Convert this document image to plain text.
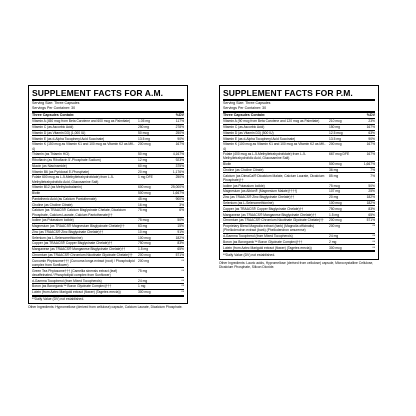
SUPPLEMENT FACTS FOR A.M.
Serving Size: Three Capsules
Servings Per Container: 30
Three Capsules Contain:	%DV
Vitamin A (450 mcg from Beta Carotene and 600 mcg as Palmitate)	1.05 mg	117%
Vitamin C (as Ascorbic Acid)	250 mg	278%
Vitamin D (as Vitamin D3) (1,000 IU)	50 mcg	250%
Vitamin E (as d-Alpha Tocopheryl Acid Succinate)	13.5 mg	90%
Vitamin K (150 mcg as Vitamin K1 and 100 mcg as Vitamin K2 as MK-4)
200 mcg	167%
Thiamin (as Thiamin HCl)	50 mg	4,167%
Riboflavin (as Riboflavin 5'-Phosphate Sodium)	12 mg	923%
Niacin (as Niacinamide)	60 mg	375%
Vitamin B6 (as Pyridoxal 5'-Phosphate)	20 mg	1,176%
Folate 600 mcg as L-5-Methyltetrahydrofolate) from L-5-Methyltetrahydrofolic Acid, Glucosamine Salt)
1 mg DFE	250%
Vitamin B12 (as Methylcobalamin)	600 mcg	25,000%
Biotin	500 mcg	1,667%
Pantothenic Acid (as Calcium Pantothenate)	45 mg	900%
Choline (as Choline Citrate)	16 mg	3%
Calcium (as TRAACS® Calcium Bisglycinate Chelate, Dicalcium Phosphate, Calcium Laurate, Calcium Pantothenate)††
75 mg	6%
Iodine (as Potassium Iodide)	75 mcg	50%
Magnesium (as TRAACS® Magnesium Bisglycinate Chelate)††	63 mg	15%
Zinc (as TRAACS® Zinc Bisglycinate Chelate)††	10 mg	91%
Selenium (as L-Selenomethionine)	100 mcg	182%
Copper (as TRAACS® Copper Bisglycinate Chelate)††	750 mcg	83%
Manganese (as TRAACS® Manganese Bisglycinate Chelate)††	1.5 mg	65%
Chromium (as TRAACS® Chromium Nicotinate Glycinate Chelate)††	200 mcg	571%
Curcumin Phytosome††† (Curcuma longa extract (root) / Phospholipid complex from Sunflower)
200 mg	**
Green Tea Phytosome††† (Camellia sinensis extract (leaf) decaffeinated / Phospholipid complex from Sunflower)
75 mg	**
d-Gamma Tocopherol (from Mixed Tocopherols)	24 mg	**
Boron (as Bororganic™ Boron Glycinate Complex)†††	1 mg	**
Lutein (from Aztec Marigold extract (flower) (Tagetes erecta))	300 mcg	**
**Daily Value (DV) not established.
Other Ingredients: Hypromellose (derived from cellulose) capsule, Calcium Laurate, Dicalcium Phosphate.
SUPPLEMENT FACTS FOR P.M.
Serving Size: Three Capsules
Servings Per Container: 30
Three Capsules Contain:	%DV
Vitamin A (90 mcg from Beta Carotene and 120 mcg as Palmitate)	210 mcg	23%
Vitamin C (as Ascorbic Acid)	150 mg	167%
Vitamin D (as Vitamin D3) (500 IU)	12.5 mcg	63%
Vitamin E (as d-Alpha Tocopheryl Acid Succinate)	13.5 mg	90%
Vitamin K (100 mcg as Vitamin K1 and 100 mcg as Vitamin K2 as MK-4)
200 mcg	167%
Folate (400 mcg as L-5-Methyltetrahydrofolate) from L-5-Methyltetrahydrofolic Acid, Glucosamine Salt)
667 mcg DFE	167%
Biotin	500 mcg	1,667%
Choline (as Choline Citrate)	36 mg	7%
Calcium (as DimaCal® Dicalcium Malate, Calcium Laurate, Dicalcium Phosphate)††
85 mg	7%
Iodine (as Potassium Iodide)	75 mcg	50%
Magnesium (as Albion® (Magnesium Malate)††††)	107 mg	25%
Zinc (as TRAACS® Zinc Bisglycinate Chelate)††	20 mg	182%
Selenium (as L-Selenomethionine)	100 mcg	182%
Copper (as TRAACS® Copper Bisglycinate Chelate)††	750 mcg	83%
Manganese (as TRAACS® Manganese Bisglycinate Chelate)††	1.5 mg	65%
Chromium (as TRAACS® Chromium Nicotinate Glycinate Chelate)††	200 mcg	571%
Proprietary Blend Magnolia extract (bark) (Magnolia officinalis) (Phellodendron extract (bark) (Phellodendron amurense)
200 mg	**
d-Gamma Tocopherol (from Mixed Tocopherols)	24 mg	**
Boron (as Bororganic™ Boron Glycinate Complex)†††	2 mg	**
Lutein (from Aztec Marigold extract (flower) (Tagetes erecta))	300 mcg	**
**Daily Value (DV) not established.
Other Ingredients: Lauric acids, Hypromellose (derived from cellulose) capsule, Microcrystalline Cellulose, Dicalcium Phosphate, Silicon Dioxide.
